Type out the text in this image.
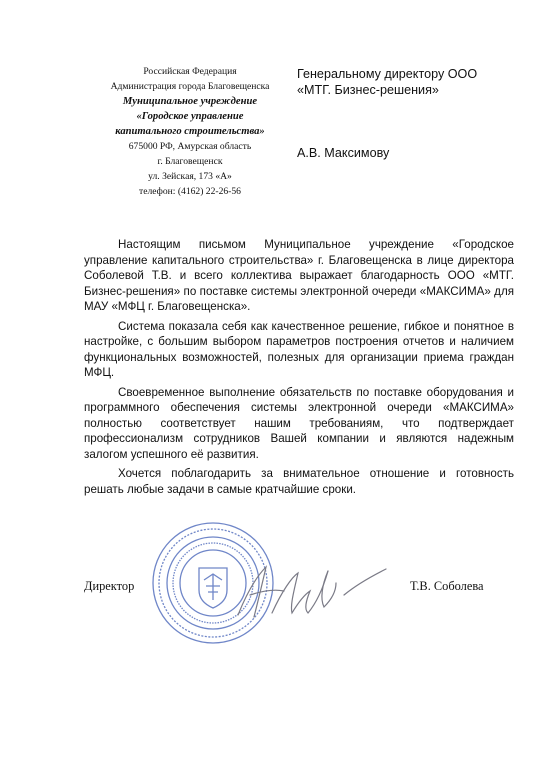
Российская Федерация
Администрация города Благовещенска
Муниципальное учреждение
«Городское управление
капитального строительства»
675000 РФ, Амурская область
г. Благовещенск
ул. Зейская, 173 «А»
телефон: (4162) 22-26-56
Генеральному директору ООО
«МТГ. Бизнес-решения»
А.В. Максимову

Настоящим письмом Муниципальное учреждение «Городское управление капитального строительства» г. Благовещенска в лице директора Соболевой Т.В. и всего коллектива выражает благодарность ООО «МТГ. Бизнес-решения» по поставке системы электронной очереди «МАКСИМА» для МАУ «МФЦ г. Благовещенска».

Система показала себя как качественное решение, гибкое и понятное в настройке, с большим выбором параметров построения отчетов и наличием функциональных возможностей, полезных для организации приема граждан МФЦ.

Своевременное выполнение обязательств по поставке оборудования и программного обеспечения системы электронной очереди «МАКСИМА» полностью соответствует нашим требованиям, что подтверждает профессионализм сотрудников Вашей компании и являются надежным залогом успешного её развития.

Хочется поблагодарить за внимательное отношение и готовность решать любые задачи в самые кратчайшие сроки.

Директор	Т.В. Соболева
